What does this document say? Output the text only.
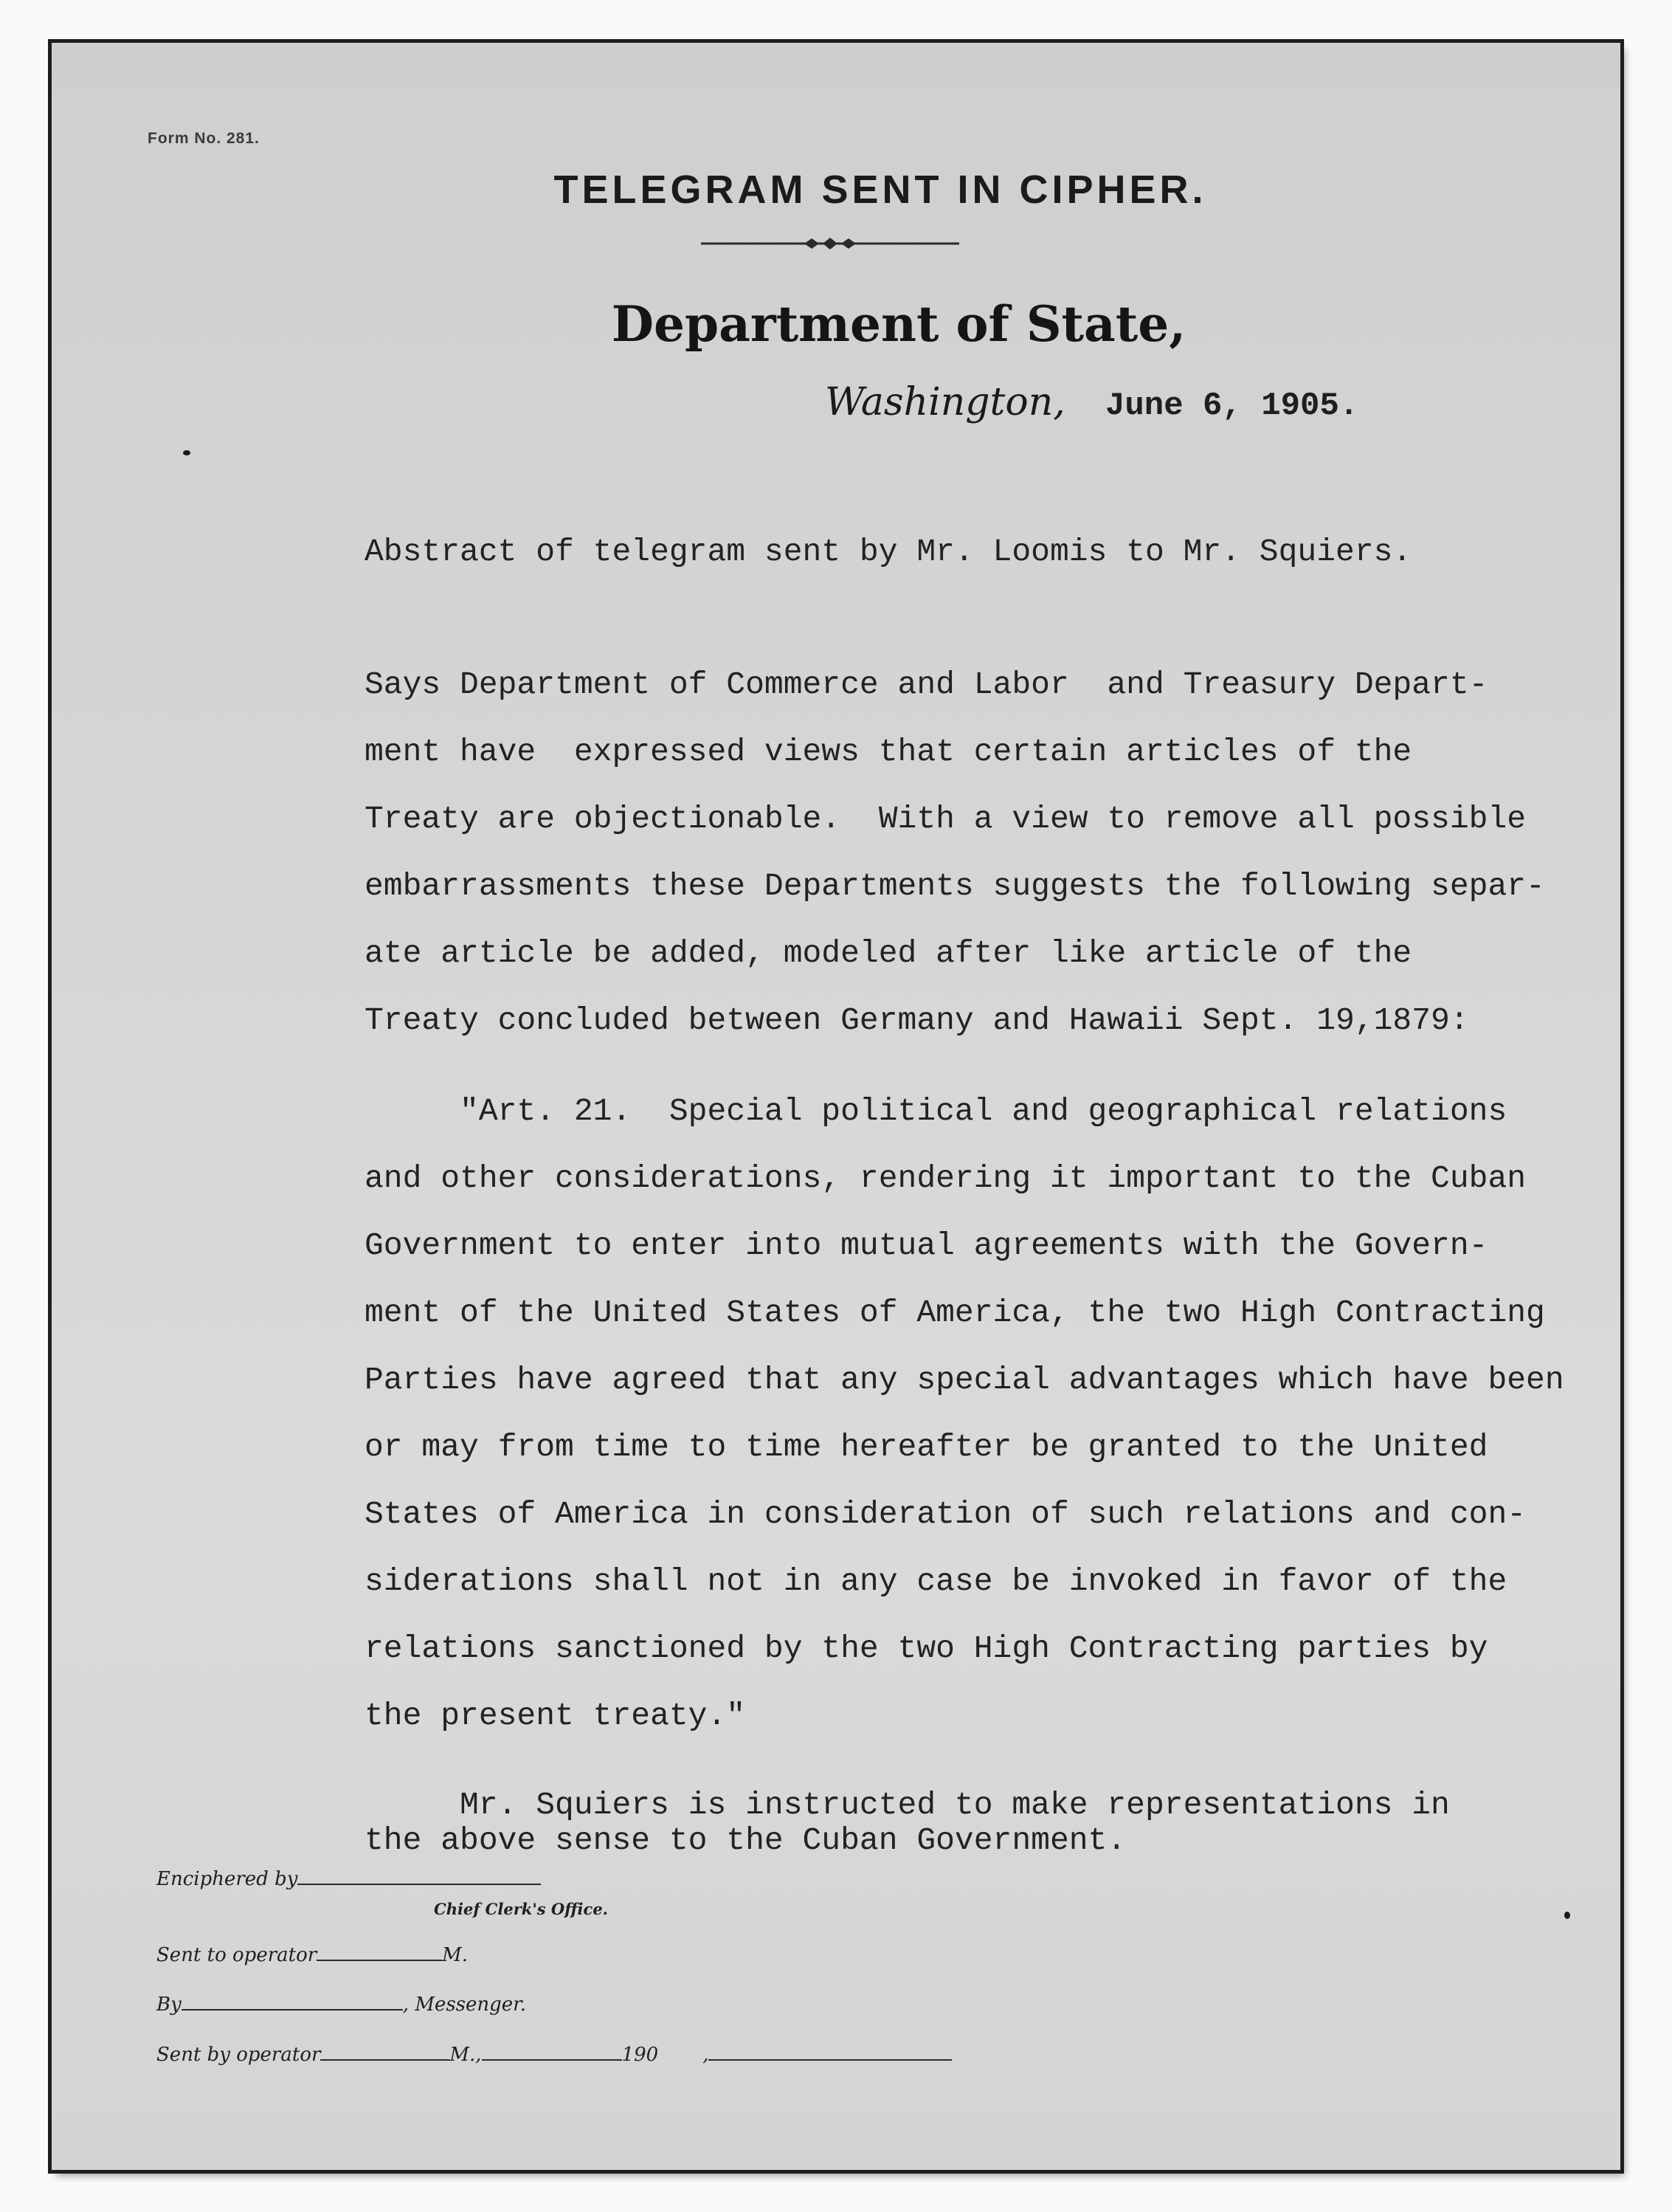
Form No. 281.
TELEGRAM SENT IN CIPHER.
Department of State,
Washington, June 6, 1905.
Abstract of telegram sent by Mr. Loomis to Mr. Squiers.
Says Department of Commerce and Labor  and Treasury Depart-
ment have  expressed views that certain articles of the
Treaty are objectionable.  With a view to remove all possible
embarrassments these Departments suggests the following separ-
ate article be added, modeled after like article of the
Treaty concluded between Germany and Hawaii Sept. 19,1879:
"Art. 21.  Special political and geographical relations
and other considerations, rendering it important to the Cuban
Government to enter into mutual agreements with the Govern-
ment of the United States of America, the two High Contracting
Parties have agreed that any special advantages which have been
or may from time to time hereafter be granted to the United
States of America in consideration of such relations and con-
siderations shall not in any case be invoked in favor of the
relations sanctioned by the two High Contracting parties by
the present treaty."
Mr. Squiers is instructed to make representations in
the above sense to the Cuban Government.
Enciphered by
Chief Clerk's Office.
Sent to operator	M.
By	, Messenger.
Sent by operator	M.,	190 ,
